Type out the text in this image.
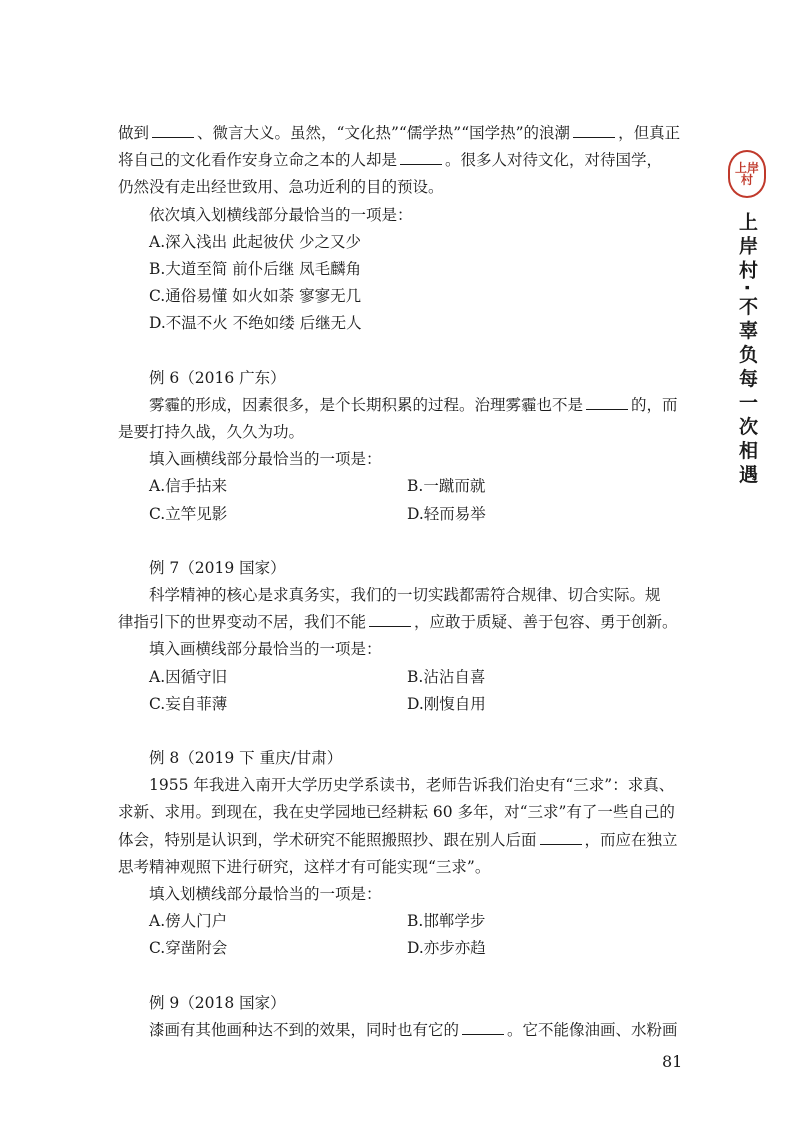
做到	、微言大义。虽然，“文化热”“儒学热”“国学热”的浪潮	，但真正

将自己的文化看作安身立命之本的人却是	。很多人对待文化，对待国学，

仍然没有走出经世致用、急功近利的目的预设。

依次填入划横线部分最恰当的一项是：

A.深入浅出 此起彼伏 少之又少

B.大道至简 前仆后继 凤毛麟角

C.通俗易懂 如火如荼 寥寥无几

D.不温不火 不绝如缕 后继无人

例 6（2016 广东）

雾霾的形成，因素很多，是个长期积累的过程。治理雾霾也不是	的，而

是要打持久战，久久为功。

填入画横线部分最恰当的一项是：

A.信手拈来	B.一蹴而就
C.立竿见影	D.轻而易举

例 7（2019 国家）

科学精神的核心是求真务实，我们的一切实践都需符合规律、切合实际。规

律指引下的世界变动不居，我们不能	，应敢于质疑、善于包容、勇于创新。

填入画横线部分最恰当的一项是：

A.因循守旧	B.沾沾自喜
C.妄自菲薄	D.刚愎自用

例 8（2019 下 重庆/甘肃）

1955 年我进入南开大学历史学系读书，老师告诉我们治史有“三求”：求真、

求新、求用。到现在，我在史学园地已经耕耘 60 多年，对“三求”有了一些自己的

体会，特别是认识到，学术研究不能照搬照抄、跟在别人后面	，而应在独立

思考精神观照下进行研究，这样才有可能实现“三求”。

填入划横线部分最恰当的一项是：

A.傍人门户	B.邯郸学步
C.穿凿附会	D.亦步亦趋

例 9（2018 国家）

漆画有其他画种达不到的效果，同时也有它的	。它不能像油画、水粉画

上岸村
上岸村·不辜负每一次相遇
81
